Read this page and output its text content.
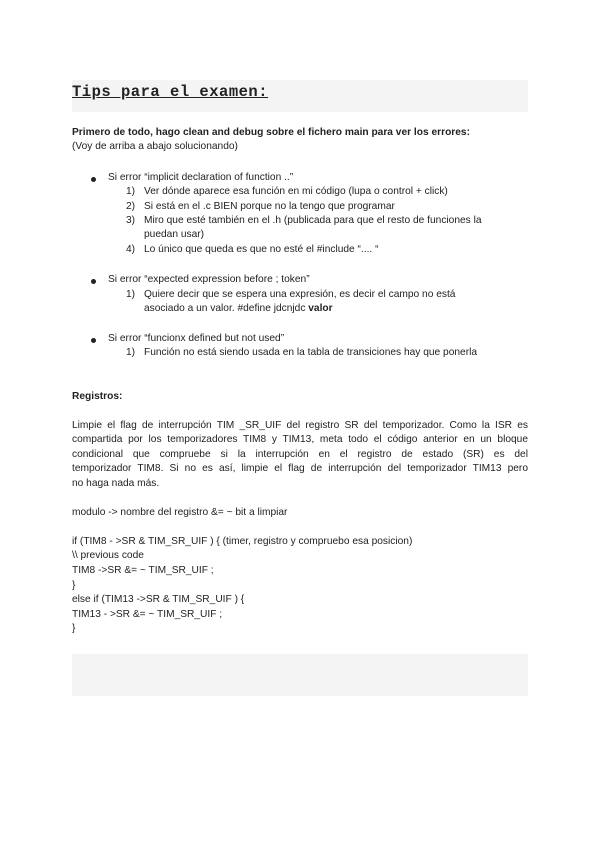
Tips para el examen:
Primero de todo, hago clean and debug sobre el fichero main para ver los errores:
(Voy de arriba a abajo solucionando)
Si error “implicit declaration of function ..”
1) Ver dónde aparece esa función en mi código (lupa o control + click)
2) Si está en el .c BIEN porque no la tengo que programar
3) Miro que esté también en el .h (publicada para que el resto de funciones la
puedan usar)
4) Lo único que queda es que no esté el #include “.... “
Si error “expected expression before ; token”
1) Quiere decir que se espera una expresión, es decir el campo no está
asociado a un valor. #define jdcnjdc valor
Si error “funcionx defined but not used”
1) Función no está siendo usada en la tabla de transiciones hay que ponerla
Registros:
Limpie el flag de interrupción TIM _SR_UIF del registro SR del temporizador. Como la ISR es
compartida por los temporizadores TIM8 y TIM13, meta todo el código anterior en un bloque
condicional que compruebe si la interrupción en el registro de estado (SR) es del
temporizador TIM8. Si no es así, limpie el flag de interrupción del temporizador TIM13 pero
no haga nada más.
modulo -> nombre del registro &= ~ bit a limpiar
if (TIM8 - >SR & TIM_SR_UIF ) { (timer, registro y compruebo esa posicion)
\\ previous code
TIM8 ->SR &= ~ TIM_SR_UIF ;
}
else if (TIM13 ->SR & TIM_SR_UIF ) {
TIM13 - >SR &= ~ TIM_SR_UIF ;
}
